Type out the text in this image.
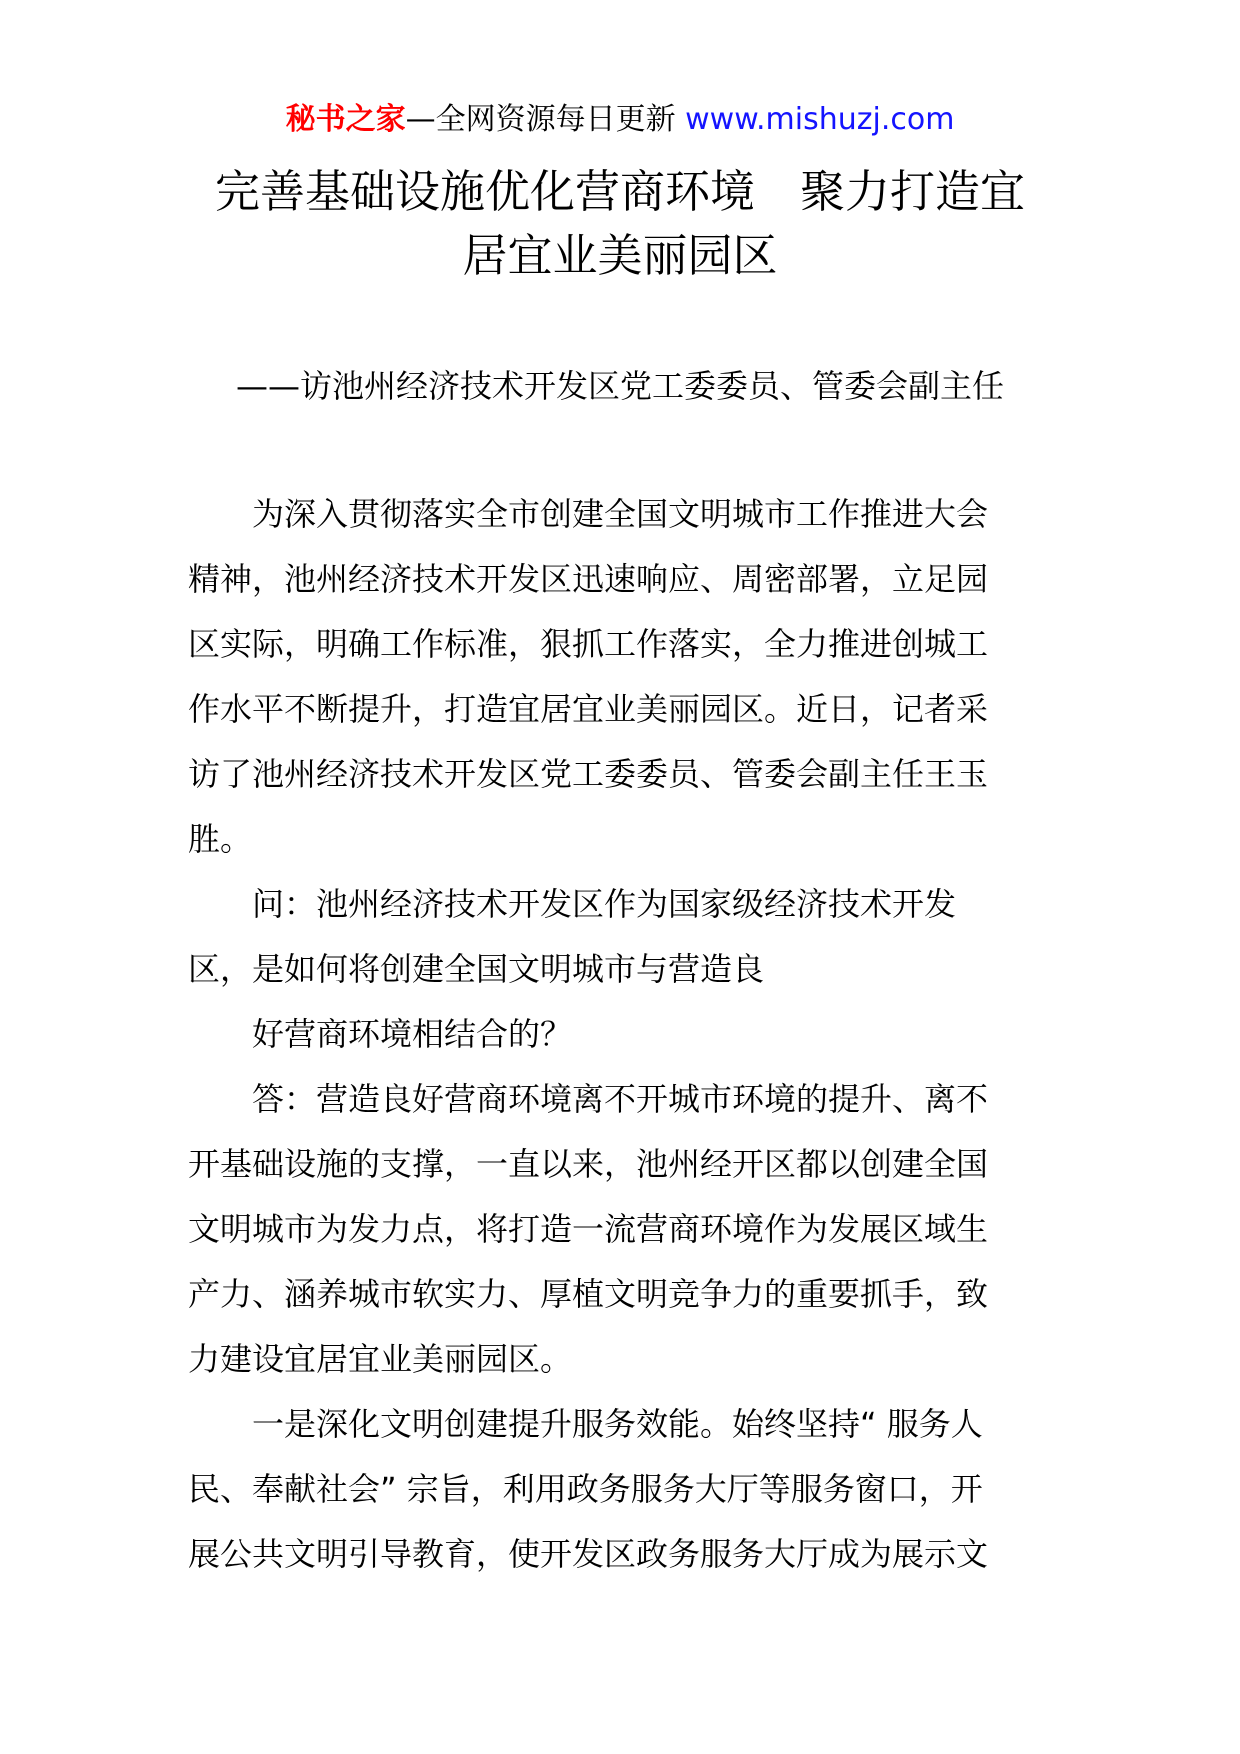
秘书之家—全网资源每日更新 www.mishuzj.com
完善基础设施优化营商环境　聚力打造宜
居宜业美丽园区
——访池州经济技术开发区党工委委员、管委会副主任
为深入贯彻落实全市创建全国文明城市工作推进大会
精神，池州经济技术开发区迅速响应、周密部署，立足园
区实际，明确工作标准，狠抓工作落实，全力推进创城工
作水平不断提升，打造宜居宜业美丽园区。近日，记者采
访了池州经济技术开发区党工委委员、管委会副主任王玉
胜。
问：池州经济技术开发区作为国家级经济技术开发
区，是如何将创建全国文明城市与营造良
好营商环境相结合的？
答：营造良好营商环境离不开城市环境的提升、离不
开基础设施的支撑，一直以来，池州经开区都以创建全国
文明城市为发力点，将打造一流营商环境作为发展区域生
产力、涵养城市软实力、厚植文明竞争力的重要抓手，致
力建设宜居宜业美丽园区。
一是深化文明创建提升服务效能。始终坚持“ 服务人
民、奉献社会” 宗旨，利用政务服务大厅等服务窗口，开
展公共文明引导教育，使开发区政务服务大厅成为展示文
